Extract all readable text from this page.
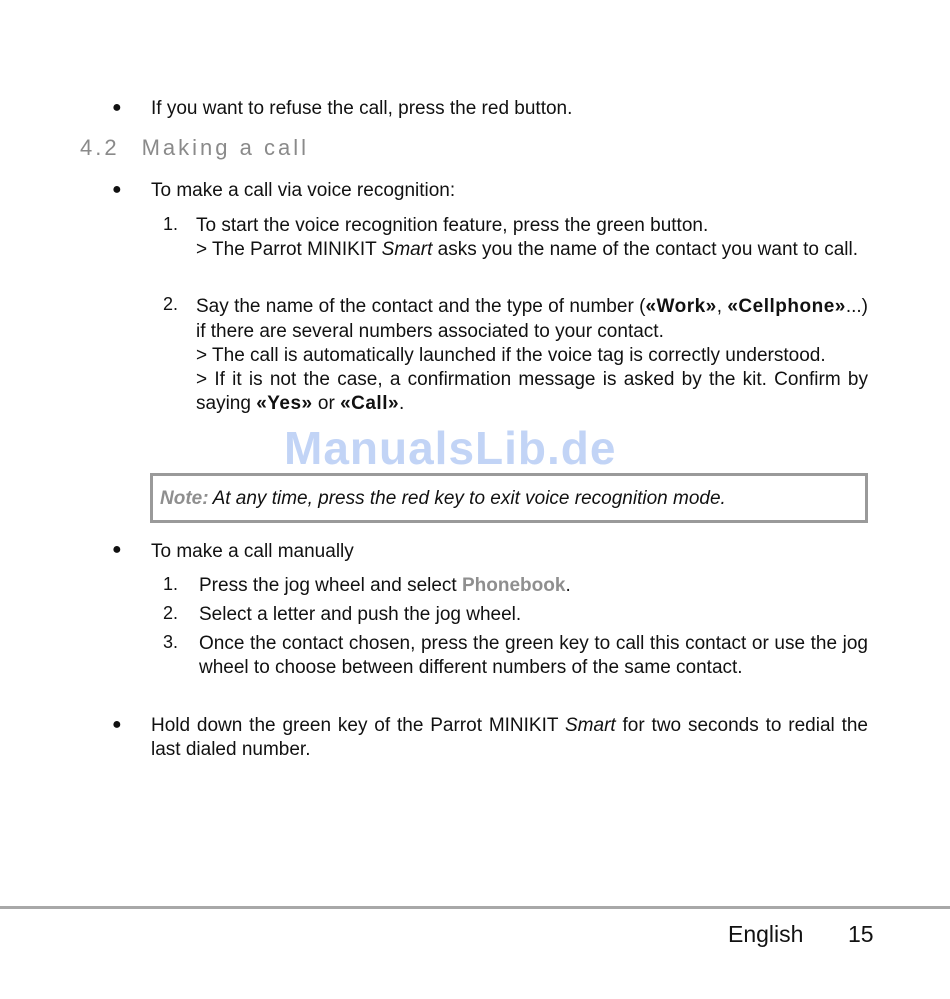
● If you want to refuse the call, press the red button.
4.2 Making a call
● To make a call via voice recognition:
1. To start the voice recognition feature, press the green button.
> The Parrot MINIKIT Smart asks you the name of the contact you want to call.
2. Say the name of the contact and the type of number («Work», «Cellphone»...) if there are several numbers associated to your contact.
> The call is automatically launched if the voice tag is correctly understood.
> If it is not the case, a confirmation message is asked by the kit. Confirm by saying «Yes» or «Call».
ManualsLib.de
Note: At any time, press the red key to exit voice recognition mode.
● To make a call manually
1. Press the jog wheel and select Phonebook.
2. Select a letter and push the jog wheel.
3. Once the contact chosen, press the green key to call this contact or use the jog wheel to choose between different numbers of the same contact.
● Hold down the green key of the Parrot MINIKIT Smart for two seconds to redial the last dialed number.
English 15
